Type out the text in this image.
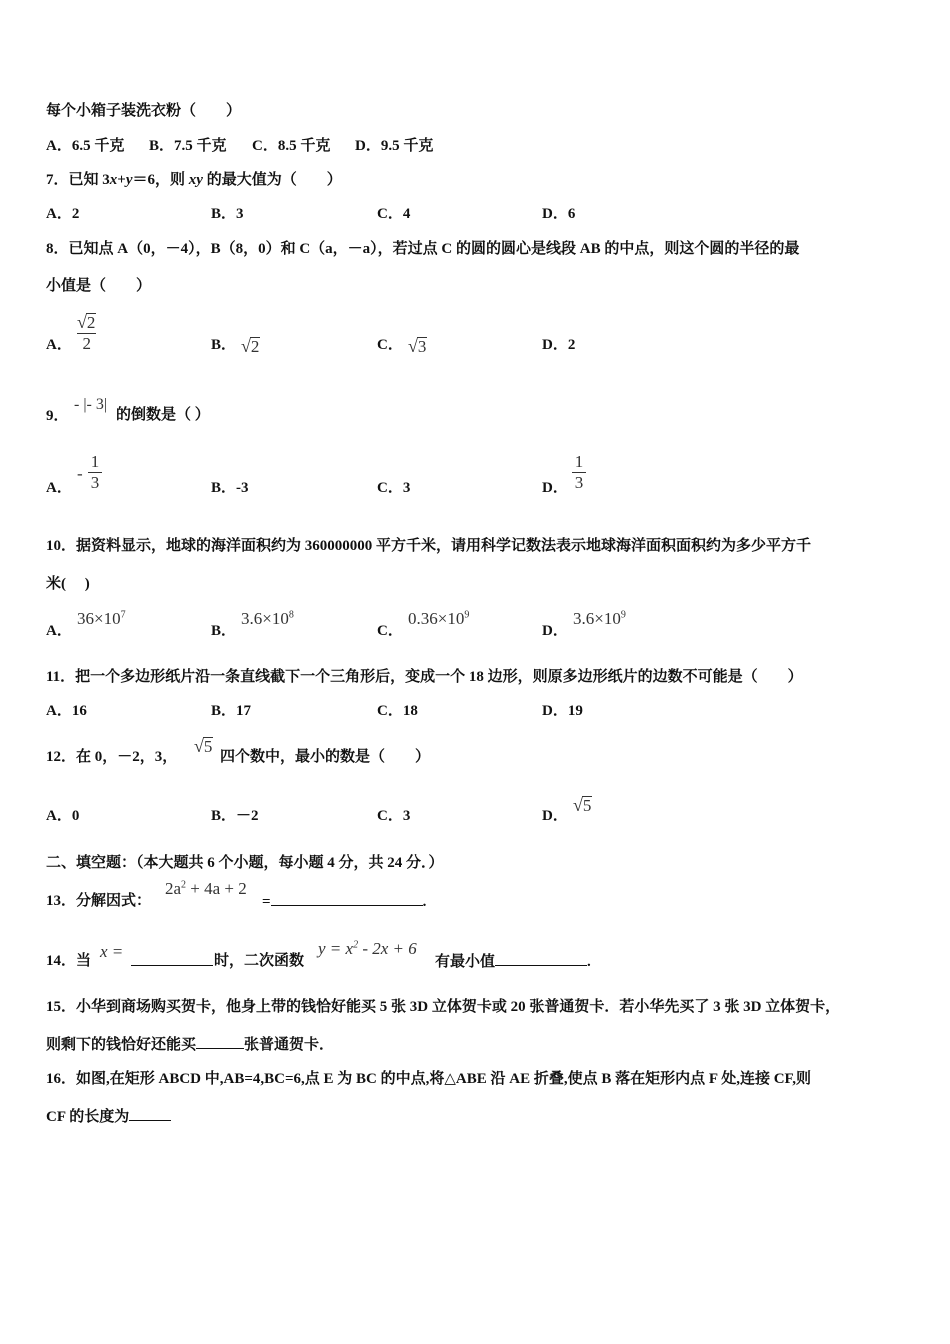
每个小箱子装洗衣粉（　　）
A．6.5 千克 B．7.5 千克 C．8.5 千克 D．9.5 千克
7．已知 3x+y＝6，则 xy 的最大值为（　　）
A．2	B．3	C．4	D．6
8．已知点 A（0，－4），B（8，0）和 C（a，－a），若过点 C 的圆的圆心是线段 AB 的中点，则这个圆的半径的最
小值是（　　）
A．
√ 2
2	B． √ 2	C． √ 3	D．2
9．
- |- 3|
的倒数是（ ）
A．
-
1
3	B．-3	C．3	D．
1
3
10．据资料显示，地球的海洋面积约为 360000000 平方千米，请用科学记数法表示地球海洋面积面积约为多少平方千
米(　 )
A．
$36\times 10^7$
B．
$3.6\times 10^8$
C．
$0.36\times 10^9$
D．
$3.6\times 10^9$
11．把一个多边形纸片沿一条直线截下一个三角形后，变成一个 18 边形，则原多边形纸片的边数不可能是（　　）
A．16	B．17	C．18	D．19
12．在 0，－2，3，
√ 5
四个数中，最小的数是（　　）
A．0	B．－2	C．3	D．
√ 5
二、填空题：（本大题共 6 个小题，每小题 4 分，共 24 分．）
13．分解因式：
$2a^2 + 4a + 2$
=	.
14．当 x =	时，二次函数
$y = x^2 - 2x + 6$
有最小值	.
15．小华到商场购买贺卡，他身上带的钱恰好能买 5 张 3D 立体贺卡或 20 张普通贺卡．若小华先买了 3 张 3D 立体贺卡，
则剩下的钱恰好还能买	张普通贺卡．
16．如图,在矩形 ABCD 中,AB=4,BC=6,点 E 为 BC 的中点,将△ABE 沿 AE 折叠,使点 B 落在矩形内点 F 处,连接 CF,则
CF 的长度为
